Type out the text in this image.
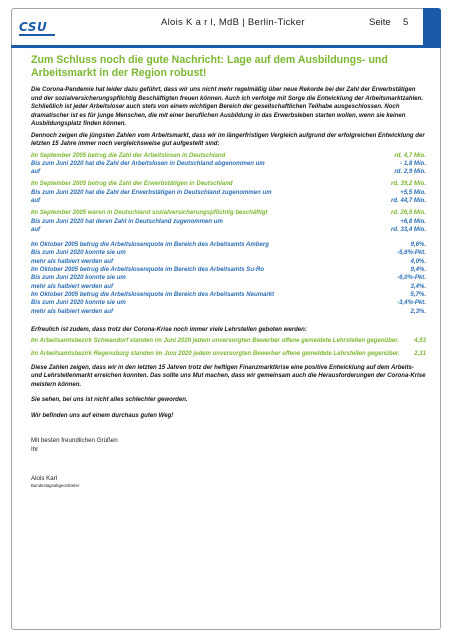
CSU	Alois K a r l, MdB | Berlin-Ticker	Seite 5
Zum Schluss noch die gute Nachricht: Lage auf dem Ausbildungs- und Arbeitsmarkt in der Region robust!
Die Corona-Pandemie hat leider dazu geführt, dass wir uns nicht mehr regelmäßig über neue Rekorde bei der Zahl der Erwerbstätigen und der sozialversicherungspflichtig Beschäftigten freuen können. Auch ich verfolge mit Sorge die Entwicklung der Arbeitsmarktzahlen. Schließlich ist jeder Arbeitsloser auch stets von einem wichtigen Bereich der gesellschaftlichen Teilhabe ausgeschlossen. Noch dramatischer ist es für junge Menschen, die mit einer beruflichen Ausbildung in das Erwerbsleben starten wollen, wenn sie keinen Ausbildungsplatz finden können.
Dennoch zeigen die jüngsten Zahlen vom Arbeitsmarkt, dass wir im längerfristigen Vergleich aufgrund der erfolgreichen Entwicklung der letzten 15 Jahre immer noch vergleichsweise gut aufgestellt sind:
Im September 2005 betrug die Zahl der Arbeitslosen in Deutschland	rd. 4,7 Mio.
Bis zum Juni 2020 hat die Zahl der Arbeitslosen in Deutschland abgenommen um	- 1,8 Mio.
auf	rd. 2,9 Mio.
Im September 2005 betrug die Zahl der Erwerbstätigen in Deutschland	rd. 39,2 Mio.
Bis zum Juni 2020 hat die Zahl der Erwerbstätigen in Deutschland zugenommen um	+5,5 Mio.
auf	rd. 44,7 Mio.
Im September 2005 waren in Deutschland sozialversicherungspflichtig beschäftigt	rd. 26,5 Mio.
Bis zum Juni 2020 hat deren Zahl in Deutschland zugenommen um	+6,8 Mio.
auf	rd. 33,4 Mio.
Im Oktober 2005 betrug die Arbeitslosenquote im Bereich des Arbeitsamts Amberg	9,6%.
Bis zum Juni 2020 konnte sie um	-5,6%-Pkt.
mehr als halbiert werden auf	4,0%.
Im Oktober 2005 betrug die Arbeitslosenquote im Bereich des Arbeitsamts Su-Ro	9,4%.
Bis zum Juni 2020 konnte sie um	-6,0%-Pkt.
mehr als halbiert werden auf	3,4%.
Im Oktober 2005 betrug die Arbeitslosenquote im Bereich des Arbeitsamts Neumarkt	5,7%.
Bis zum Juni 2020 konnte sie um	-3,4%-Pkt.
mehr als halbiert werden auf	2,3%.
Erfreulich ist zudem, dass trotz der Corona-Krise noch immer viele Lehrstellen geboten werden:
Im Arbeitsamtsbezirk Schwandorf standen im Juni 2020 jedem unversorgten Bewerber offene gemeldete Lehrstellen gegenüber.	4,53
Im Arbeitsamtsbezirk Regensburg standen im Juni 2020 jedem unversorgten Bewerber offene gemeldete Lehrstellen gegenüber.	2,31
Diese Zahlen zeigen, dass wir in den letzten 15 Jahren trotz der heftigen Finanzmarktkrise eine positive Entwicklung auf dem Arbeits- und Lehrstellenmarkt erreichen konnten. Das sollte uns Mut machen, dass wir gemeinsam auch die Herausforderungen der Corona-Krise meistern können.
Sie sehen, bei uns ist nicht alles schlechter geworden.
Wir befinden uns auf einem durchaus guten Weg!
Mit besten freundlichen Grüßen
Ihr
Alois Karl
Bundestagsabgeordneter
